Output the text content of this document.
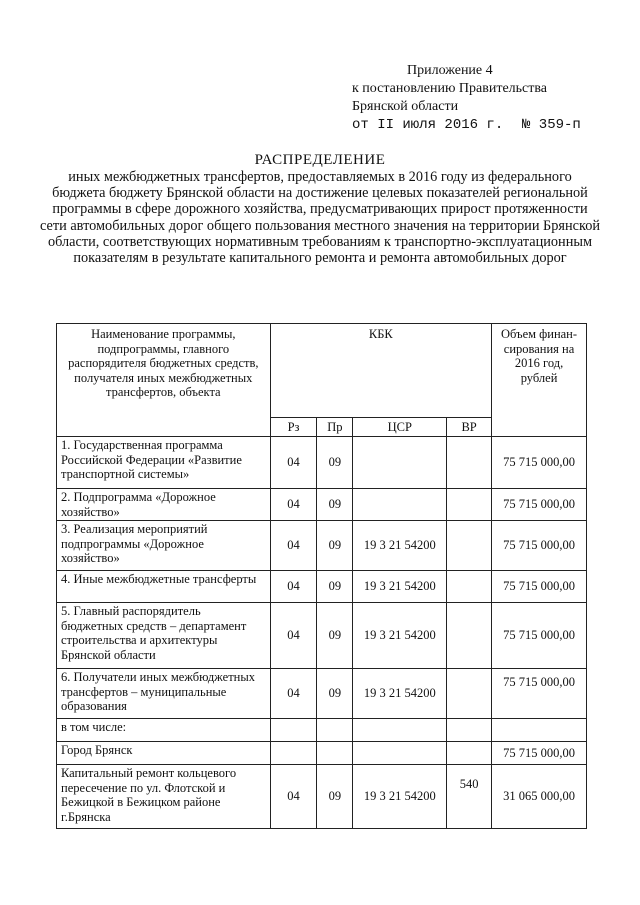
Приложение 4
к постановлению Правительства
Брянской области
от II июля 2016 г.	№ 359-п
РАСПРЕДЕЛЕНИЕ
иных межбюджетных трансфертов, предоставляемых в 2016 году из федерального бюджета бюджету Брянской области на достижение целевых показателей региональной программы в сфере дорожного хозяйства, предусматривающих прирост протяженности сети автомобильных дорог общего пользования местного значения на территории Брянской области, соответствующих нормативным требованиям к транспортно-эксплуатационным показателям в результате капитального ремонта и ремонта автомобильных дорог
Наименование программы, подпрограммы, главного распорядителя бюджетных средств, получателя иных межбюджетных трансфертов, объекта	КБК				Объем финан-сирования на 2016 год, рублей
	Рз	Пр	ЦСР	ВР	
1. Государственная программа Российской Федерации «Развитие транспортной системы»	04	09			75 715 000,00
2. Подпрограмма «Дорожное хозяйство»	04	09			75 715 000,00
3. Реализация мероприятий подпрограммы «Дорожное хозяйство»	04	09	19 3 21 54200		75 715 000,00
4. Иные межбюджетные трансферты	04	09	19 3 21 54200		75 715 000,00
5. Главный распорядитель бюджетных средств – департамент строительства и архитектуры Брянской области	04	09	19 3 21 54200		75 715 000,00
6. Получатели иных межбюджетных трансфертов – муниципальные образования	04	09	19 3 21 54200		75 715 000,00
в том числе:					
Город Брянск					75 715 000,00
Капитальный ремонт кольцевого пересечение по ул. Флотской и Бежицкой в Бежицком районе г.Брянска	04	09	19 3 21 54200	540	31 065 000,00
